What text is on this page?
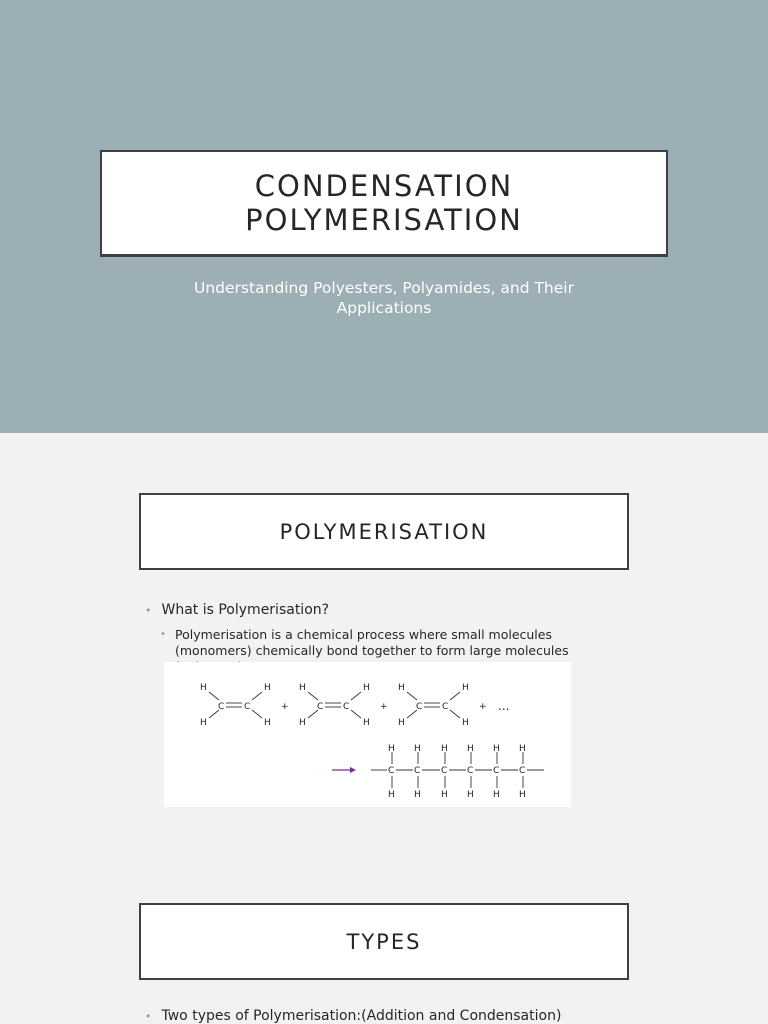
CONDENSATION
POLYMERISATION
Understanding Polyesters, Polyamides, and Their
Applications
POLYMERISATION
• What is Polymerisation?
• Polymerisation is a chemical process where small molecules
(monomers) chemically bond together to form large molecules
H
H
C C
H
H
+
H
H
C C
H
H
+
H
H
C C
H
H
+ ...
H
C
H
H
C
H
H
C
H
H
C
H
H
C
H
H
C
H
TYPES
• Two types of Polymerisation:(Addition and Condensation)
